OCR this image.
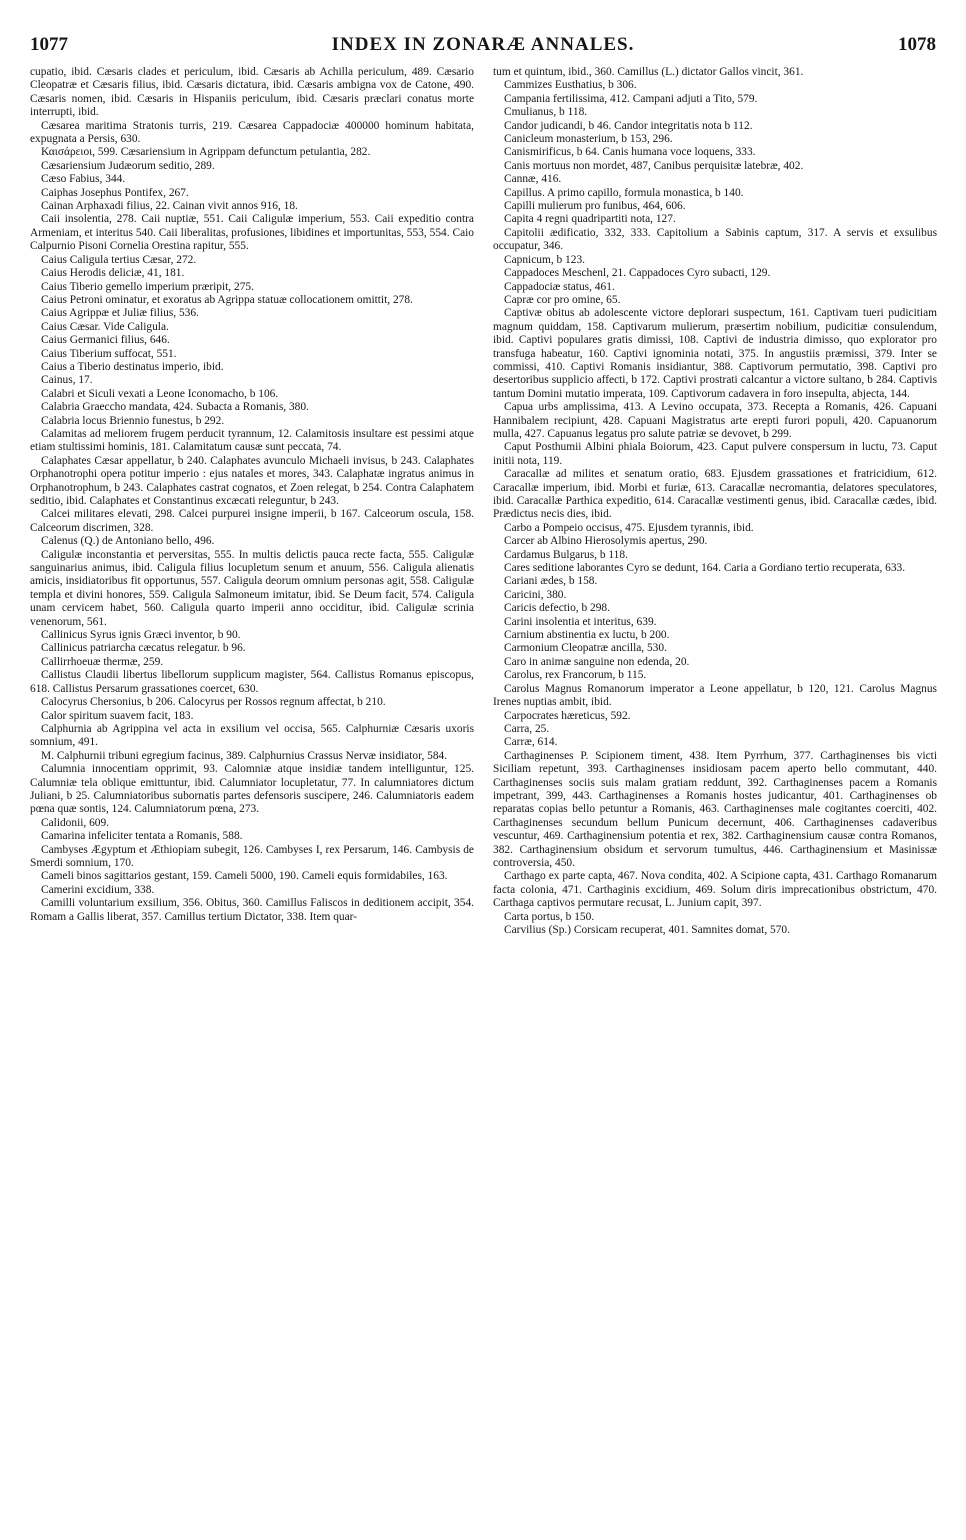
1077	INDEX IN ZONARÆ ANNALES.	1078

cupatio, ibid. Cæsaris clades et periculum, ibid. Cæsaris ab Achilla periculum, 489. Cæsario Cleopatræ et Cæsaris filius, ibid. Cæsaris dictatura, ibid. Cæsaris ambigna vox de Catone, 490. Cæsaris nomen, ibid. Cæsaris in Hispaniis periculum, ibid. Cæsaris præclari conatus morte interrupti, ibid.

Cæsarea maritima Stratonis turris, 219. Cæsarea Cappadociæ 400000 hominum habitata, expugnata a Persis, 630.

Καισάρειοι, 599. Cæsariensium in Agrippam defunctum petulantia, 282.

Cæsariensium Judæorum seditio, 289.

Cæso Fabius, 344.

Caiphas Josephus Pontifex, 267.

Cainan Arphaxadi filius, 22. Cainan vivit annos 916, 18.

Caii insolentia, 278. Caii nuptiæ, 551. Caii Caligulæ imperium, 553. Caii expeditio contra Armeniam, et interitus 540. Caii liberalitas, profusiones, libidines et importunitas, 553, 554. Caio Calpurnio Pisoni Cornelia Orestina rapitur, 555.

Caius Caligula tertius Cæsar, 272.

Caius Herodis deliciæ, 41, 181.

Caius Tiberio gemello imperium præripit, 275.

Caius Petroni ominatur, et exoratus ab Agrippa statuæ collocationem omittit, 278.

Caius Agrippæ et Juliæ filius, 536.

Caius Cæsar. Vide Caligula.

Caius Germanici filius, 646.

Caius Tiberium suffocat, 551.

Caius a Tiberio destinatus imperio, ibid.

Cainus, 17.

Calabri et Siculi vexati a Leone Iconomacho, b 106.

Calabria Graeccho mandata, 424. Subacta a Romanis, 380.

Calabria locus Briennio funestus, b 292.

Calamitas ad meliorem frugem perducit tyrannum, 12. Calamitosis insultare est pessimi atque etiam stultissimi hominis, 181. Calamitatum causæ sunt peccata, 74.

Calaphates Cæsar appellatur, b 240. Calaphates avunculo Michaeli invisus, b 243. Calaphates Orphanotrophi opera potitur imperio : ejus natales et mores, 343. Calaphatæ ingratus animus in Orphanotrophum, b 243. Calaphates castrat cognatos, et Zoen relegat, b 254. Contra Calaphatem seditio, ibid. Calaphates et Constantinus excæcati releguntur, b 243.

Calcei militares elevati, 298. Calcei purpurei insigne imperii, b 167. Calceorum oscula, 158. Calceorum discrimen, 328.

Calenus (Q.) de Antoniano bello, 496.

Caligulæ inconstantia et perversitas, 555. In multis delictis pauca recte facta, 555. Caligulæ sanguinarius animus, ibid. Caligula filius locupletum senum et anuum, 556. Caligula alienatis amicis, insidiatoribus fit opportunus, 557. Caligula deorum omnium personas agit, 558. Caligulæ templa et divini honores, 559. Caligula Salmoneum imitatur, ibid. Se Deum facit, 574. Caligula unam cervicem habet, 560. Caligula quarto imperii anno occiditur, ibid. Caligulæ scrinia venenorum, 561.

Callinicus Syrus ignis Græci inventor, b 90.

Callinicus patriarcha cæcatus relegatur. b 96.

Callirrhoeuæ thermæ, 259.

Callistus Claudii libertus libellorum supplicum magister, 564. Callistus Romanus episcopus, 618. Callistus Persarum grassationes coercet, 630.

Calocyrus Chersonius, b 206. Calocyrus per Rossos regnum affectat, b 210.

Calor spiritum suavem facit, 183.

Calphurnia ab Agrippina vel acta in exsilium vel occisa, 565. Calphurniæ Cæsaris uxoris somnium, 491.

M. Calphurnii tribuni egregium facinus, 389. Calphurnius Crassus Nervæ insidiator, 584.

Calumnia innocentiam opprimit, 93. Calomniæ atque insidiæ tandem intelliguntur, 125. Calumniæ tela oblique emittuntur, ibid. Calumniator locupletatur, 77. In calumniatores dictum Juliani, b 25. Calumniatoribus subornatis partes defensoris suscipere, 246. Calumniatoris eadem pœna quæ sontis, 124. Calumniatorum pœna, 273.

Calidonii, 609.

Camarina infeliciter tentata a Romanis, 588.

Cambyses Ægyptum et Æthiopiam subegit, 126. Cambyses I, rex Persarum, 146. Cambysis de Smerdi somnium, 170.

Cameli binos sagittarios gestant, 159. Cameli 5000, 190. Cameli equis formidabiles, 163.

Camerini excidium, 338.

Camilli voluntarium exsilium, 356. Obitus, 360. Camillus Faliscos in deditionem accipit, 354. Romam a Gallis liberat, 357. Camillus tertium Dictator, 338. Item quar-

tum et quintum, ibid., 360. Camillus (L.) dictator Gallos vincit, 361.

Cammizes Eusthatius, b 306.

Campania fertilissima, 412. Campani adjuti a Tito, 579.

Cmulianus, b 118.

Candor judicandi, b 46. Candor integritatis nota b 112.

Canicleum monasterium, b 153, 296.

Canismirificus, b 64. Canis humana voce loquens, 333.

Canis mortuus non mordet, 487, Canibus perquisitæ latebræ, 402.

Cannæ, 416.

Capillus. A primo capillo, formula monastica, b 140.

Capilli mulierum pro funibus, 464, 606.

Capita 4 regni quadripartiti nota, 127.

Capitolii ædificatio, 332, 333. Capitolium a Sabinis captum, 317. A servis et exsulibus occupatur, 346.

Capnicum, b 123.

Cappadoces Meschenl, 21. Cappadoces Cyro subacti, 129.

Cappadociæ status, 461.

Capræ cor pro omine, 65.

Captivæ obitus ab adolescente victore deplorari suspectum, 161. Captivam tueri pudicitiam magnum quiddam, 158. Captivarum mulierum, præsertim nobilium, pudicitiæ consulendum, ibid. Captivi populares gratis dimissi, 108. Captivi de industria dimisso, quo explorator pro transfuga habeatur, 160. Captivi ignominia notati, 375. In angustiis præmissi, 379. Inter se commissi, 410. Captivi Romanis insidiantur, 388. Captivorum permutatio, 398. Captivi pro desertoribus supplicio affecti, b 172. Captivi prostrati calcantur a victore sultano, b 284. Captivis tantum Domini mutatio imperata, 109. Captivorum cadavera in foro insepulta, abjecta, 144.

Capua urbs amplissima, 413. A Levino occupata, 373. Recepta a Romanis, 426. Capuani Hannibalem recipiunt, 428. Capuani Magistratus arte erepti furori populi, 420. Capuanorum mulla, 427. Capuanus legatus pro salute patriæ se devovet, b 299.

Caput Posthumii Albini phiala Boiorum, 423. Caput pulvere conspersum in luctu, 73. Caput initii nota, 119.

Caracallæ ad milites et senatum oratio, 683. Ejusdem grassationes et fratricidium, 612. Caracallæ imperium, ibid. Morbi et furiæ, 613. Caracallæ necromantia, delatores speculatores, ibid. Caracallæ Parthica expeditio, 614. Caracallæ vestimenti genus, ibid. Caracallæ cædes, ibid. Prædictus necis dies, ibid.

Carbo a Pompeio occisus, 475. Ejusdem tyrannis, ibid.

Carcer ab Albino Hierosolymis apertus, 290.

Cardamus Bulgarus, b 118.

Cares seditione laborantes Cyro se dedunt, 164. Caria a Gordiano tertio recuperata, 633.

Cariani ædes, b 158.

Caricini, 380.

Caricis defectio, b 298.

Carini insolentia et interitus, 639.

Carnium abstinentia ex luctu, b 200.

Carmonium Cleopatræ ancilla, 530.

Caro in animæ sanguine non edenda, 20.

Carolus, rex Francorum, b 115.

Carolus Magnus Romanorum imperator a Leone appellatur, b 120, 121. Carolus Magnus Irenes nuptias ambit, ibid.

Carpocrates hæreticus, 592.

Carra, 25.

Carræ, 614.

Carthaginenses P. Scipionem timent, 438. Item Pyrrhum, 377. Carthaginenses bis victi Siciliam repetunt, 393. Carthaginenses insidiosam pacem aperto bello commutant, 440. Carthaginenses sociis suis malam gratiam reddunt, 392. Carthaginenses pacem a Romanis impetrant, 399, 443. Carthaginenses a Romanis hostes judicantur, 401. Carthaginenses ob reparatas copias bello petuntur a Romanis, 463. Carthaginenses male cogitantes coerciti, 402. Carthaginenses secundum bellum Punicum decernunt, 406. Carthaginenses cadaveribus vescuntur, 469. Carthaginensium potentia et rex, 382. Carthaginensium causæ contra Romanos, 382. Carthaginensium obsidum et servorum tumultus, 446. Carthaginensium et Masinissæ controversia, 450.

Carthago ex parte capta, 467. Nova condita, 402. A Scipione capta, 431. Carthago Romanarum facta colonia, 471. Carthaginis excidium, 469. Solum diris imprecationibus obstrictum, 470. Carthaga captivos permutare recusat, L. Junium capit, 397.

Carta portus, b 150.

Carvilius (Sp.) Corsicam recuperat, 401. Samnites domat, 570.
